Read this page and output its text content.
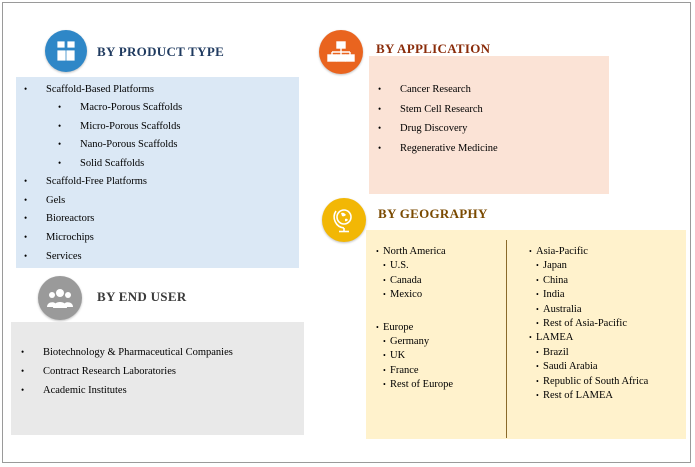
BY PRODUCT TYPE
• Scaffold-Based Platforms
• Macro-Porous Scaffolds
• Micro-Porous Scaffolds
• Nano-Porous Scaffolds
• Solid Scaffolds
• Scaffold-Free Platforms
• Gels
• Bioreactors
• Microchips
• Services
BY END USER
• Biotechnology & Pharmaceutical Companies
• Contract Research Laboratories
• Academic Institutes
BY APPLICATION
• Cancer Research
• Stem Cell Research
• Drug Discovery
• Regenerative Medicine
BY GEOGRAPHY
• North America
• U.S.
• Canada
• Mexico
• Europe
• Germany
• UK
• France
• Rest of Europe
• Asia-Pacific
• Japan
• China
• India
• Australia
• Rest of Asia-Pacific
• LAMEA
• Brazil
• Saudi Arabia
• Republic of South Africa
• Rest of LAMEA
